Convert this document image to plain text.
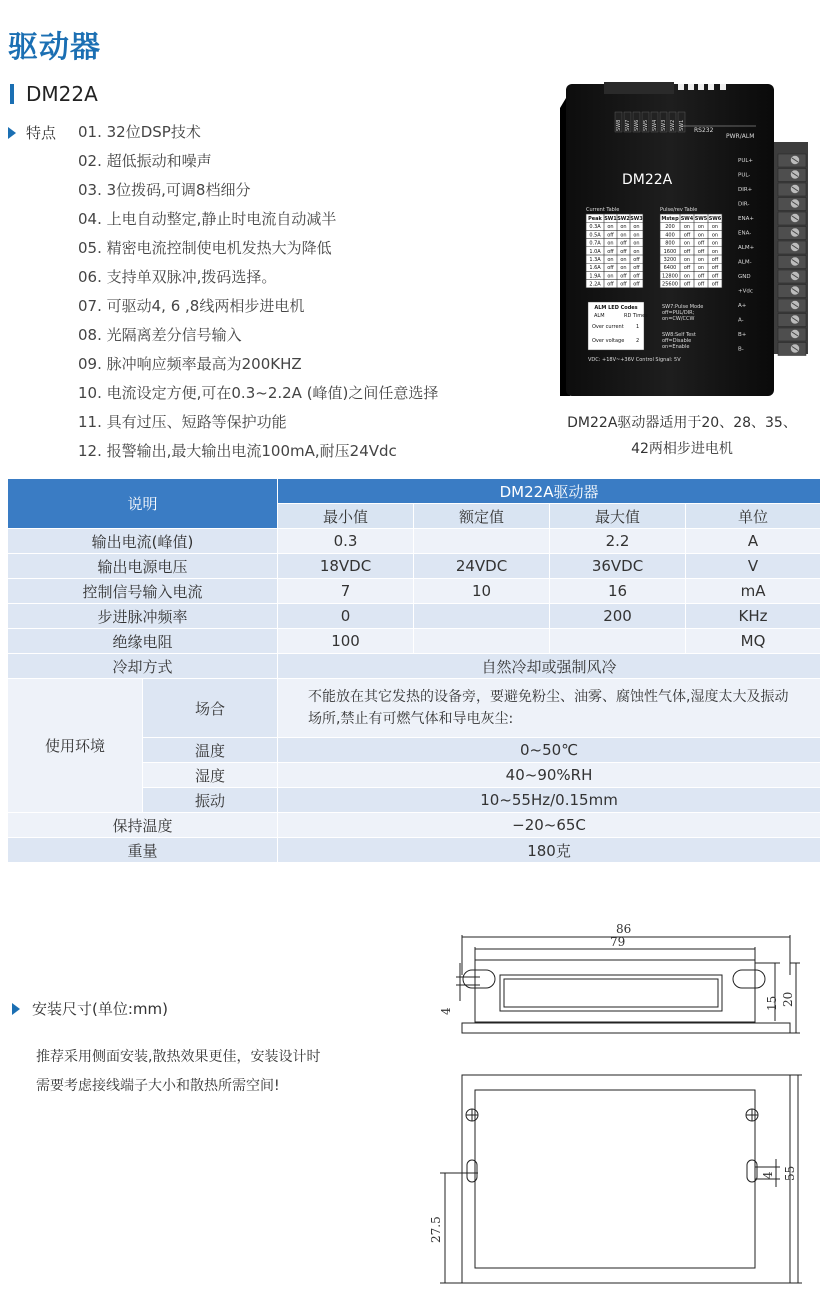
驱动器
DM22A
特点 01. 32位DSP技术
02. 超低振动和噪声
03. 3位拨码,可调8档细分
04. 上电自动整定,静止时电流自动减半
05. 精密电流控制使电机发热大为降低
06. 支持单双脉冲,拨码选择。
07. 可驱动4, 6 ,8线两相步进电机
08. 光隔离差分信号输入
09. 脉冲响应频率最高为200KHZ
10. 电流设定方便,可在0.3~2.2A (峰值)之间任意选择
11. 具有过压、短路等保护功能
12. 报警输出,最大输出电流100mA,耐压24Vdc
SW8 SW7 SW6 SW5 SW4 SW3 SW2 SW1 RS232
PWR/ALM
DM22A
Current Table
Peak SW1 SW2 SW3
0.3A on on on
0.5A off on on
0.7A on off on
1.0A off off on
1.3A on on off
1.6A off on off
1.9A on off off
2.2A off off off
Pulse/rev Table
Mstep SW4 SW5 SW6
200 on on on
400 off on on
800 on off on
1600 off off on
3200 on on off
6400 off on off
12800 on off off
25600 off off off
ALM LED Codes
ALM	RD Times
Over current 1
Over voltage 2
SW7:Pulse Mode
off=PUL/DIR;
on=CW/CCW
SW8:Self Test
off=Disable
on=Enable
VDC: +18V~+36V Control Signal: 5V
PUL+
PUL-
DIR+
DIR-
ENA+
ENA-
ALM+
ALM-
GND
+Vdc
A+
A-
B+
B-
DM22A驱动器适用于20、28、35、
42两相步进电机
说明		DM22A驱动器			
		最小值	额定值	最大值	单位
输出电流(峰值)		0.3		2.2	A
输出电源电压		18VDC	24VDC	36VDC	V
控制信号输入电流		7	10	16	mA
步进脉冲频率		0		200	KHz
绝缘电阻		100			MQ
冷却方式		自然冷却或强制风冷			
使用环境	场合	不能放在其它发热的设备旁，要避免粉尘、油雾、腐蚀性气体,湿度太大及振动场所,禁止有可燃气体和导电灰尘:			
	温度	0~50℃			
	湿度	40~90%RH			
	振动	10~55Hz/0.15mm			
保持温度		−20~65C			
重量		180克			
安装尺寸(单位:mm)
推荐采用侧面安装,散热效果更佳，安装设计时
需要考虑接线端子大小和散热所需空间!
86
79
4
15 20
4 55
27.5
